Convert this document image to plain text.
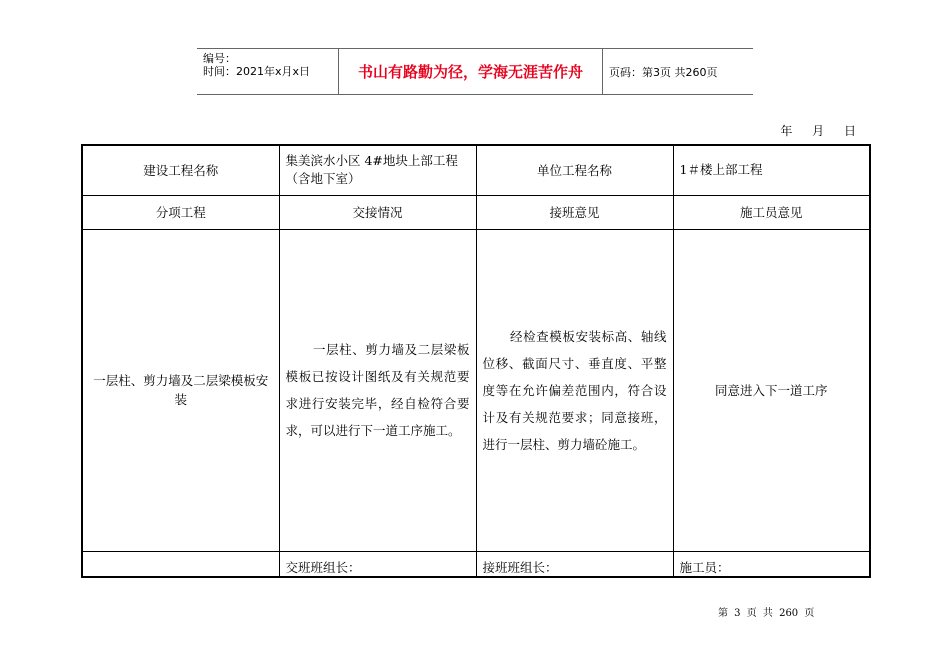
编号：
时间：2021年x月x日	书山有路勤为径，学海无涯苦作舟	页码：第3页 共260页
年 月 日
建设工程名称	集美滨水小区 4#地块上部工程（含地下室）	单位工程名称	1＃楼上部工程
分项工程	交接情况	接班意见	施工员意见
一层柱、剪力墙及二层梁模板安装	一层柱、剪力墙及二层梁板模板已按设计图纸及有关规范要求进行安装完毕，经自检符合要求，可以进行下一道工序施工。	经检查模板安装标高、轴线位移、截面尺寸、垂直度、平整度等在允许偏差范围内，符合设计及有关规范要求；同意接班，进行一层柱、剪力墙砼施工。	同意进入下一道工序
	交班班组长：	接班班组长：	施工员：
第 3 页 共 260 页
